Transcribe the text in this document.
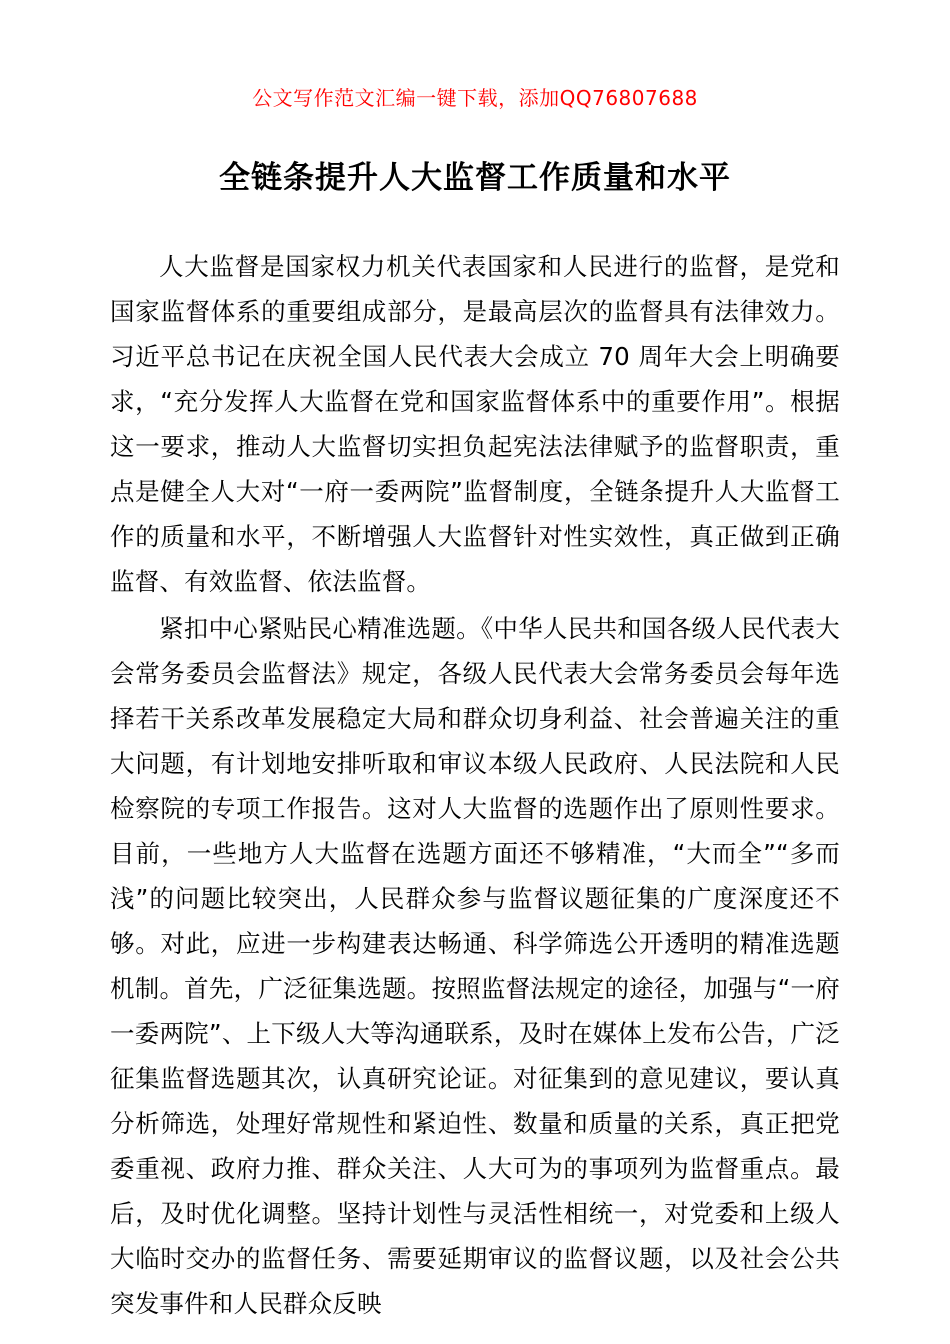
公文写作范文汇编一键下载，添加QQ76807688
全链条提升人大监督工作质量和水平

人大监督是国家权力机关代表国家和人民进行的监督，是党和国家监督体系的重要组成部分，是最高层次的监督具有法律效力。习近平总书记在庆祝全国人民代表大会成立 70 周年大会上明确要求，“充分发挥人大监督在党和国家监督体系中的重要作用”。根据这一要求，推动人大监督切实担负起宪法法律赋予的监督职责，重点是健全人大对“一府一委两院”监督制度，全链条提升人大监督工作的质量和水平，不断增强人大监督针对性实效性，真正做到正确监督、有效监督、依法监督。

紧扣中心紧贴民心精准选题。《中华人民共和国各级人民代表大会常务委员会监督法》规定，各级人民代表大会常务委员会每年选择若干关系改革发展稳定大局和群众切身利益、社会普遍关注的重大问题，有计划地安排听取和审议本级人民政府、人民法院和人民检察院的专项工作报告。这对人大监督的选题作出了原则性要求。目前，一些地方人大监督在选题方面还不够精准，“大而全”“多而浅”的问题比较突出，人民群众参与监督议题征集的广度深度还不够。对此，应进一步构建表达畅通、科学筛选公开透明的精准选题机制。首先，广泛征集选题。按照监督法规定的途径，加强与“一府一委两院”、上下级人大等沟通联系，及时在媒体上发布公告，广泛征集监督选题其次，认真研究论证。对征集到的意见建议，要认真分析筛选，处理好常规性和紧迫性、数量和质量的关系，真正把党委重视、政府力推、群众关注、人大可为的事项列为监督重点。最后，及时优化调整。坚持计划性与灵活性相统一，对党委和上级人大临时交办的监督任务、需要延期审议的监督议题，以及社会公共突发事件和人民群众反映
